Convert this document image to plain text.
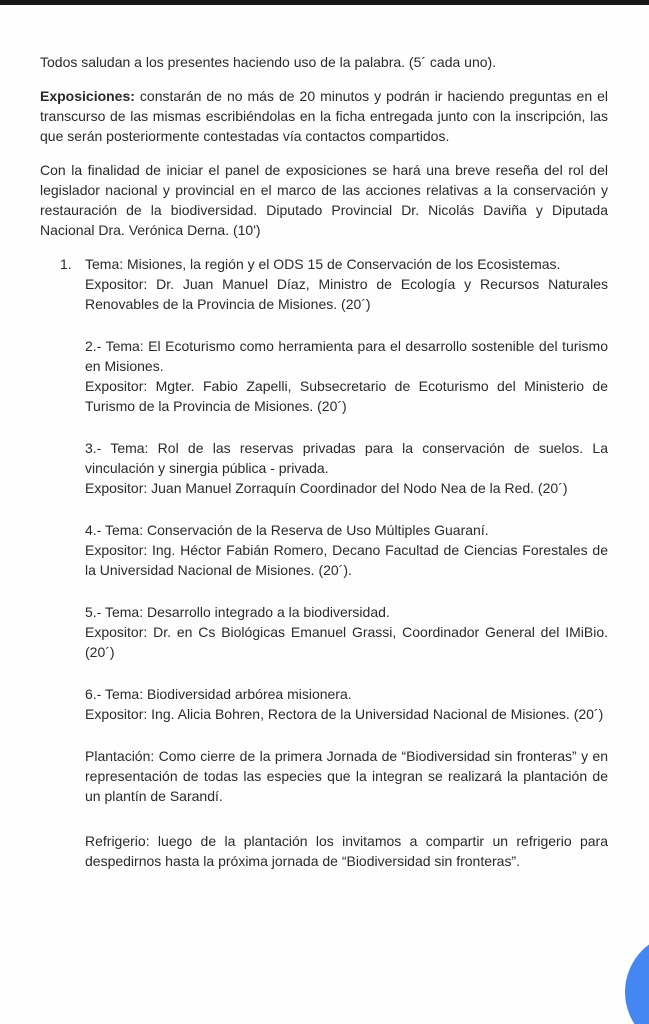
Todos saludan a los presentes haciendo uso de la palabra. (5´ cada uno).

Exposiciones: constarán de no más de 20 minutos y podrán ir haciendo preguntas en el transcurso de las mismas escribiéndolas en la ficha entregada junto con la inscripción, las que serán posteriormente contestadas vía contactos compartidos.

Con la finalidad de iniciar el panel de exposiciones se hará una breve reseña del rol del legislador nacional y provincial en el marco de las acciones relativas a la conservación y restauración de la biodiversidad. Diputado Provincial Dr. Nicolás Daviña y Diputada Nacional Dra. Verónica Derna. (10')

1. Tema: Misiones, la región y el ODS 15 de Conservación de los Ecosistemas.
Expositor: Dr. Juan Manuel Díaz, Ministro de Ecología y Recursos Naturales Renovables de la Provincia de Misiones. (20´)
2.- Tema: El Ecoturismo como herramienta para el desarrollo sostenible del turismo en Misiones.
Expositor: Mgter. Fabio Zapelli, Subsecretario de Ecoturismo del Ministerio de Turismo de la Provincia de Misiones. (20´)
3.- Tema: Rol de las reservas privadas para la conservación de suelos. La vinculación y sinergia pública - privada.
Expositor: Juan Manuel Zorraquín Coordinador del Nodo Nea de la Red. (20´)
4.- Tema: Conservación de la Reserva de Uso Múltiples Guaraní.
Expositor: Ing. Héctor Fabián Romero, Decano Facultad de Ciencias Forestales de la Universidad Nacional de Misiones. (20´).
5.- Tema: Desarrollo integrado a la biodiversidad.
Expositor: Dr. en Cs Biológicas Emanuel Grassi, Coordinador General del IMiBio. (20´)
6.- Tema: Biodiversidad arbórea misionera.
Expositor: Ing. Alicia Bohren, Rectora de la Universidad Nacional de Misiones. (20´)

Plantación: Como cierre de la primera Jornada de “Biodiversidad sin fronteras” y en representación de todas las especies que la integran se realizará la plantación de un plantín de Sarandí.

Refrigerio: luego de la plantación los invitamos a compartir un refrigerio para despedirnos hasta la próxima jornada de “Biodiversidad sin fronteras”.
